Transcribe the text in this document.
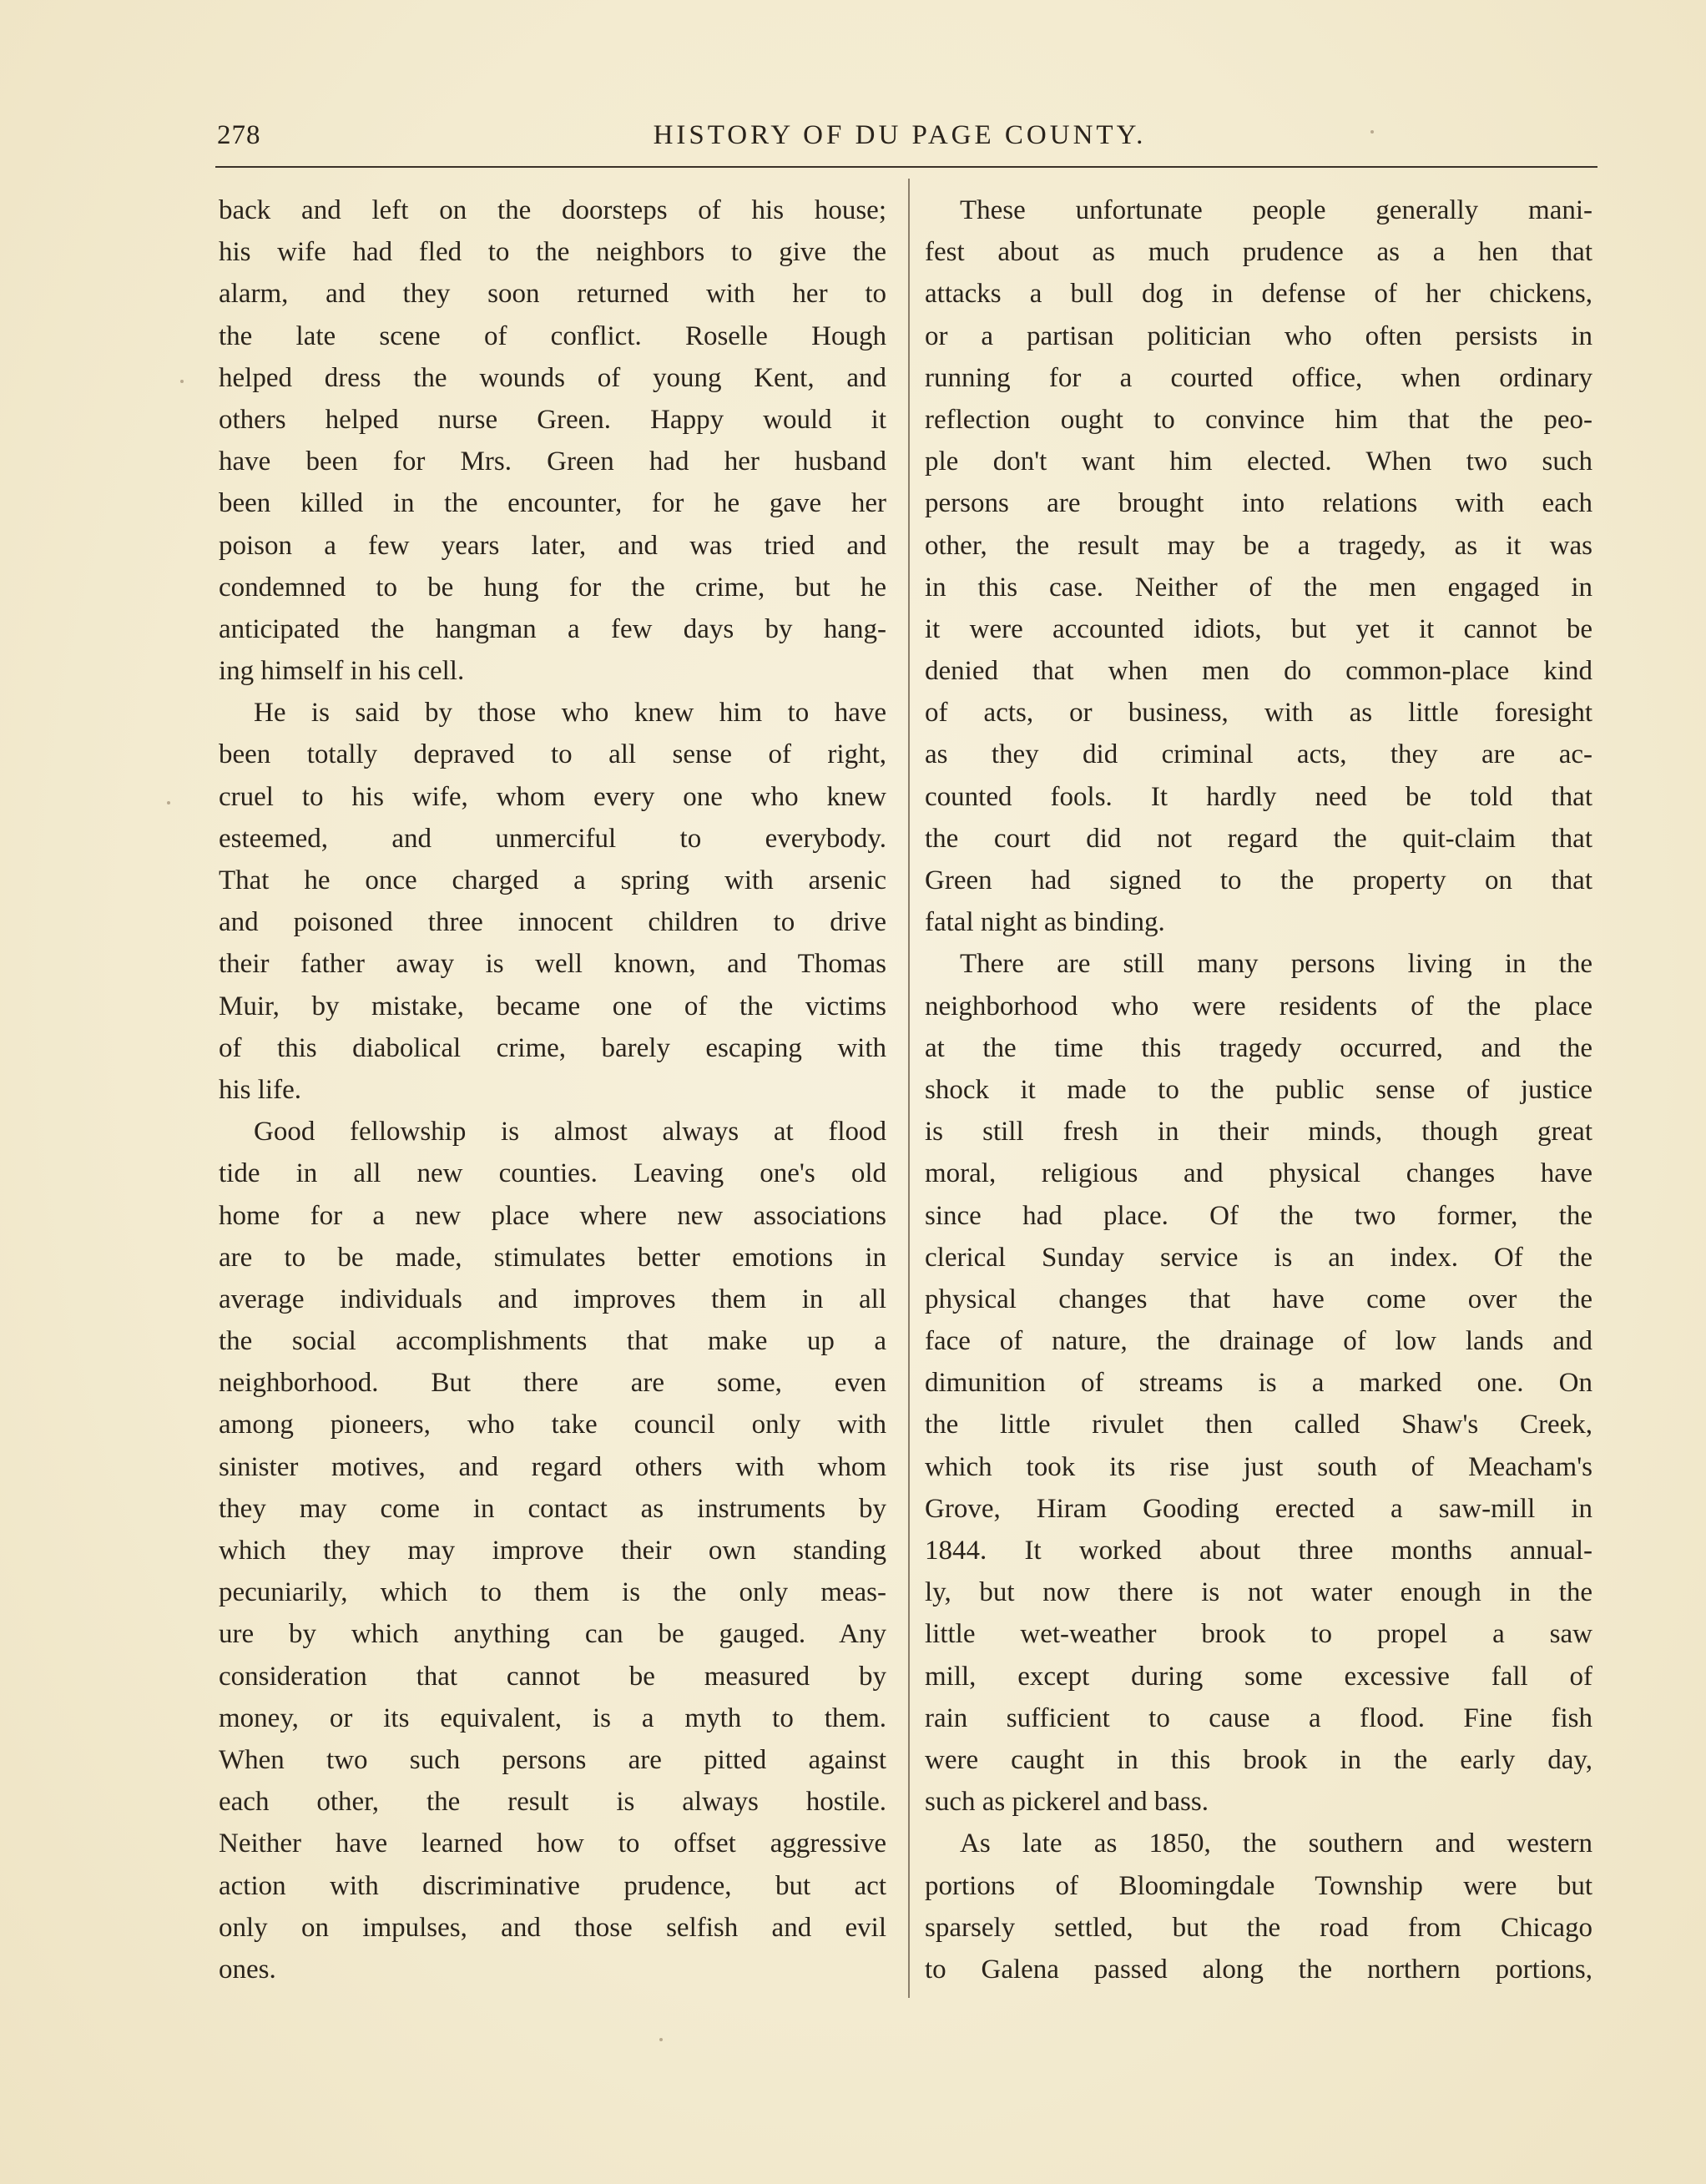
278	HISTORY OF DU PAGE COUNTY.
back and left on the doorsteps of his house;
his wife had fled to the neighbors to give the
alarm, and they soon returned with her to
the late scene of conflict. Roselle Hough
helped dress the wounds of young Kent, and
others helped nurse Green. Happy would it
have been for Mrs. Green had her husband
been killed in the encounter, for he gave her
poison a few years later, and was tried and
condemned to be hung for the crime, but he
anticipated the hangman a few days by hang-
ing himself in his cell.
He is said by those who knew him to have
been totally depraved to all sense of right,
cruel to his wife, whom every one who knew
esteemed, and unmerciful to everybody.
That he once charged a spring with arsenic
and poisoned three innocent children to drive
their father away is well known, and Thomas
Muir, by mistake, became one of the victims
of this diabolical crime, barely escaping with
his life.
Good fellowship is almost always at flood
tide in all new counties. Leaving one's old
home for a new place where new associations
are to be made, stimulates better emotions in
average individuals and improves them in all
the social accomplishments that make up a
neighborhood. But there are some, even
among pioneers, who take council only with
sinister motives, and regard others with whom
they may come in contact as instruments by
which they may improve their own standing
pecuniarily, which to them is the only meas-
ure by which anything can be gauged. Any
consideration that cannot be measured by
money, or its equivalent, is a myth to them.
When two such persons are pitted against
each other, the result is always hostile.
Neither have learned how to offset aggressive
action with discriminative prudence, but act
only on impulses, and those selfish and evil
ones.
These unfortunate people generally mani-
fest about as much prudence as a hen that
attacks a bull dog in defense of her chickens,
or a partisan politician who often persists in
running for a courted office, when ordinary
reflection ought to convince him that the peo-
ple don't want him elected. When two such
persons are brought into relations with each
other, the result may be a tragedy, as it was
in this case. Neither of the men engaged in
it were accounted idiots, but yet it cannot be
denied that when men do common-place kind
of acts, or business, with as little foresight
as they did criminal acts, they are ac-
counted fools. It hardly need be told that
the court did not regard the quit-claim that
Green had signed to the property on that
fatal night as binding.
There are still many persons living in the
neighborhood who were residents of the place
at the time this tragedy occurred, and the
shock it made to the public sense of justice
is still fresh in their minds, though great
moral, religious and physical changes have
since had place. Of the two former, the
clerical Sunday service is an index. Of the
physical changes that have come over the
face of nature, the drainage of low lands and
dimunition of streams is a marked one. On
the little rivulet then called Shaw's Creek,
which took its rise just south of Meacham's
Grove, Hiram Gooding erected a saw-mill in
1844. It worked about three months annual-
ly, but now there is not water enough in the
little wet-weather brook to propel a saw
mill, except during some excessive fall of
rain sufficient to cause a flood. Fine fish
were caught in this brook in the early day,
such as pickerel and bass.
As late as 1850, the southern and western
portions of Bloomingdale Township were but
sparsely settled, but the road from Chicago
to Galena passed along the northern portions,
